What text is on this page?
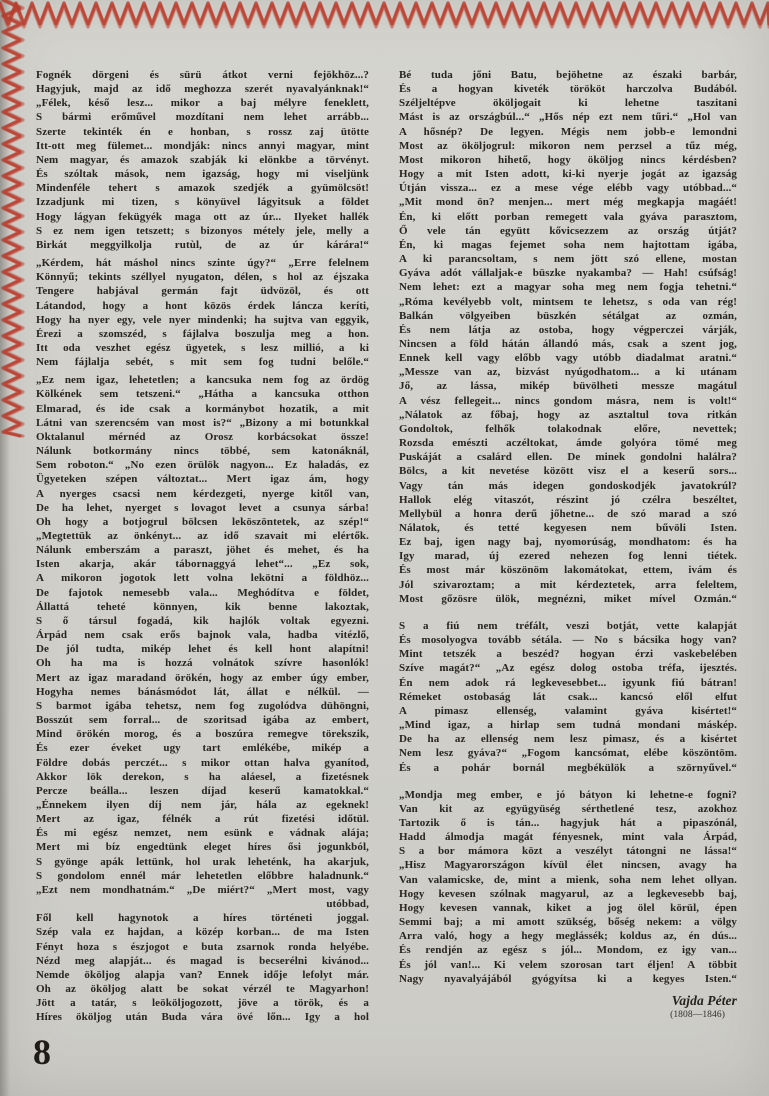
Fognék dörgeni és sürü átkot verni fejökhöz...?
Hagyjuk, majd az idő meghozza szerét nyavalyánknak!“
„Félek, késő lesz... mikor a baj mélyre feneklett,
S bármi erőművel mozdítani nem lehet arrább...
Szerte tekinték én e honban, s rossz zaj ütötte
Itt-ott meg fülemet... mondják: nincs annyi magyar, mint
Nem magyar, és amazok szabják ki elönkbe a törvényt.
És szóltak mások, nem igazság, hogy mi viseljünk
Mindenféle tehert s amazok szedjék a gyümölcsöt!
Izzadjunk mi tizen, s könyüvel lágyitsuk a földet
Hogy lágyan fekügyék maga ott az úr... Ilyeket hallék
S ez nem igen tetszett; s bizonyos métely jele, melly a
Birkát meggyilkolja rutùl, de az úr kárára!“
„Kérdem, hát máshol nincs szinte úgy?“ „Erre felelnem
Könnyű; tekints széllyel nyugaton, délen, s hol az éjszaka
Tengere habjával germán fajt üdvözöl, és ott
Látandod, hogy a hont közös érdek láncza keríti,
Hogy ha nyer egy, vele nyer mindenki; ha sujtva van eggyik,
Érezi a szomszéd, s fájlalva boszulja meg a hon.
Itt oda veszhet egész ügyetek, s lesz millió, a ki
Nem fájlalja sebét, s mit sem fog tudni belőle.“
„Ez nem igaz, lehetetlen; a kancsuka nem fog az ördög
Kölkének sem tetszeni.“ „Hátha a kancsuka otthon
Elmarad, és ide csak a kormánybot hozatik, a mit
Látni van szerencsém van most is?“ „Bizony a mi botunkkal
Oktalanul mérnéd az Orosz korbácsokat össze!
Nálunk botkormány nincs többé, sem katonáknál,
Sem roboton.“ „No ezen örülök nagyon... Ez haladás, ez
Ügyeteken szépen változtat... Mert igaz ám, hogy
A nyerges csacsi nem kérdezgeti, nyerge kitől van,
De ha lehet, nyerget s lovagot levet a csunya sárba!
Oh hogy a botjogrul bölcsen leköszöntetek, az szép!“
„Megtettük az önkényt... az idő szavait mi elértők.
Nálunk emberszám a paraszt, jöhet és mehet, és ha
Isten akarja, akár tábornaggyá lehet“... „Ez sok,
A mikoron jogotok lett volna lekötni a földhöz...
De fajotok nemesebb vala... Meghódítva e földet,
Állattá teheté könnyen, kik benne lakoztak,
S ő társul fogadá, kik hajlók voltak egyezni.
Árpád nem csak erős bajnok vala, hadba vitézlő,
De jól tudta, mikép lehet és kell hont alapítni!
Oh ha ma is hozzá volnátok szívre hasonlók!
Mert az igaz maradand örökén, hogy az ember úgy ember,
Hogyha nemes bánásmódot lát, állat e nélkül. —
S barmot igába tehetsz, nem fog zugolódva dühöngni,
Bosszút sem forral... de szoritsad igába az embert,
Mind örökén morog, és a boszúra remegve törekszik,
És ezer éveket ugy tart emlékébe, mikép a
Földre dobás perczét... s mikor ottan halva gyanítod,
Akkor lök derekon, s ha aláesel, a fizetésnek
Percze beálla... leszen díjad keserű kamatokkal.“
„Énnekem ilyen díj nem jár, hála az egeknek!
Mert az igaz, félnék a rút fizetési időtül.
És mi egész nemzet, nem esünk e vádnak alája;
Mert mi bíz engedtünk eleget híres ősi jogunkból,
S gyönge apák lettünk, hol urak leheténk, ha akarjuk,
S gondolom ennél már lehetetlen előbbre haladnunk.“
„Ezt nem mondhatnám.“ „De miért?“ „Mert most, vagy
utóbbad,
Fől kell hagynotok a híres történeti joggal.
Szép vala ez hajdan, a közép korban... de ma Isten
Fényt hoza s észjogot e buta zsarnok ronda helyébe.
Nézd meg alapját... és magad is becserélni kivánod...
Nemde ököljog alapja van? Ennek idője lefolyt már.
Oh az ököljog alatt be sokat vérzél te Magyarhon!
Jött a tatár, s leököljogozott, jöve a török, és a
Híres ököljog után Buda vára övé lőn... Igy a hol
Bé tuda jőni Batu, bejöhetne az északi barbár,
És a hogyan kiveték törököt harczolva Budából.
Széljeltépve ököljogait ki lehetne taszitani
Mást is az országbúl...“ „Hős nép ezt nem tűri.“ „Hol van
A hősnép? De legyen. Mégis nem jobb-e lemondni
Most az ököljogrul: mikoron nem perzsel a tűz még,
Most mikoron hihető, hogy ököljog nincs kérdésben?
Hogy a mit Isten adott, ki-ki nyerje jogát az igazság
Útján vissza... ez a mese vége elébb vagy utóbbad...“
„Mit mond ön? menjen... mert még megkapja magáét!
Én, ki előtt porban remegett vala gyáva parasztom,
Ő vele tán együtt kővicsezzem az ország útját?
Én, ki magas fejemet soha nem hajtottam igába,
A ki parancsoltam, s nem jött szó ellene, mostan
Gyáva adót vállaljak-e büszke nyakamba? — Hah! csúfság!
Nem lehet: ezt a magyar soha meg nem fogja tehetni.“
„Róma kevélyebb volt, mintsem te lehetsz, s oda van rég!
Balkán völgyeiben büszkén sétálgat az ozmán,
És nem látja az ostoba, hogy végperczei várják,
Nincsen a föld hátán állandó más, csak a szent jog,
Ennek kell vagy előbb vagy utóbb diadalmat aratni.“
„Messze van az, bizvást nyúgodhatom... a ki utánam
Jő, az lássa, mikép büvölheti messze magátul
A vész fellegeit... nincs gondom másra, nem is volt!“
„Nálatok az főbaj, hogy az asztaltul tova ritkán
Gondoltok, felhők tolakodnak előre, nevettek;
Rozsda emészti aczéltokat, ámde golyóra tömé meg
Puskáját a csalárd ellen. De minek gondolni halálra?
Bölcs, a kit nevetése között visz el a keserű sors...
Vagy tán más idegen gondoskodjék javatokrúl?
Hallok elég vitaszót, részint jó czélra beszéltet,
Mellybül a honra derű jőhetne... de szó marad a szó
Nálatok, és tetté kegyesen nem bűvöli Isten.
Ez baj, igen nagy baj, nyomorúság, mondhatom: és ha
Igy marad, új ezered nehezen fog lenni tiétek.
És most már köszönöm lakomátokat, ettem, ivám és
Jól szivaroztam; a mit kérdeztetek, arra feleltem,
Most gőzösre ülök, megnézni, miket mível Ozmán.“
S a fiú nem tréfált, veszi botját, vette kalapját
És mosolyogva tovább sétála. — No s bácsika hogy van?
Mint tetszék a beszéd? hogyan érzi vaskebelében
Szíve magát?“ „Az egész dolog ostoba tréfa, ijesztés.
Én nem adok rá legkevesebbet... igyunk fiú bátran!
Rémeket ostobaság lát csak... kancsó elől elfut
A pimasz ellenség, valamint gyáva kisértet!“
„Mind igaz, a hirlap sem tudná mondani máskép.
De ha az ellenség nem lesz pimasz, és a kisértet
Nem lesz gyáva?“ „Fogom kancsómat, elébe köszöntöm.
És a pohár bornál megbékülök a szörnyűvel.“
„Mondja meg ember, e jó bátyon ki lehetne-e fogni?
Van kit az együgyüség sérthetlené tesz, azokhoz
Tartozik ő is tán... hagyjuk hát a pipaszónál,
Hadd álmodja magát fényesnek, mint vala Árpád,
S a bor mámora közt a veszélyt tátongni ne lássa!“
„Hisz Magyarországon kívül élet nincsen, avagy ha
Van valamicske, de, mint a mienk, soha nem lehet ollyan.
Hogy kevesen szólnak magyarul, az a legkevesebb baj,
Hogy kevesen vannak, kiket a jog ölel körül, épen
Semmi baj; a mi amott szükség, bőség nekem: a völgy
Arra való, hogy a hegy meglássék; koldus az, én dús...
És rendjén az egész s jól... Mondom, ez igy van...
És jól van!... Ki velem szorosan tart éljen! A többit
Nagy nyavalyájából gyógyítsa ki a kegyes Isten.“
Vajda Péter
(1808—1846)
8
